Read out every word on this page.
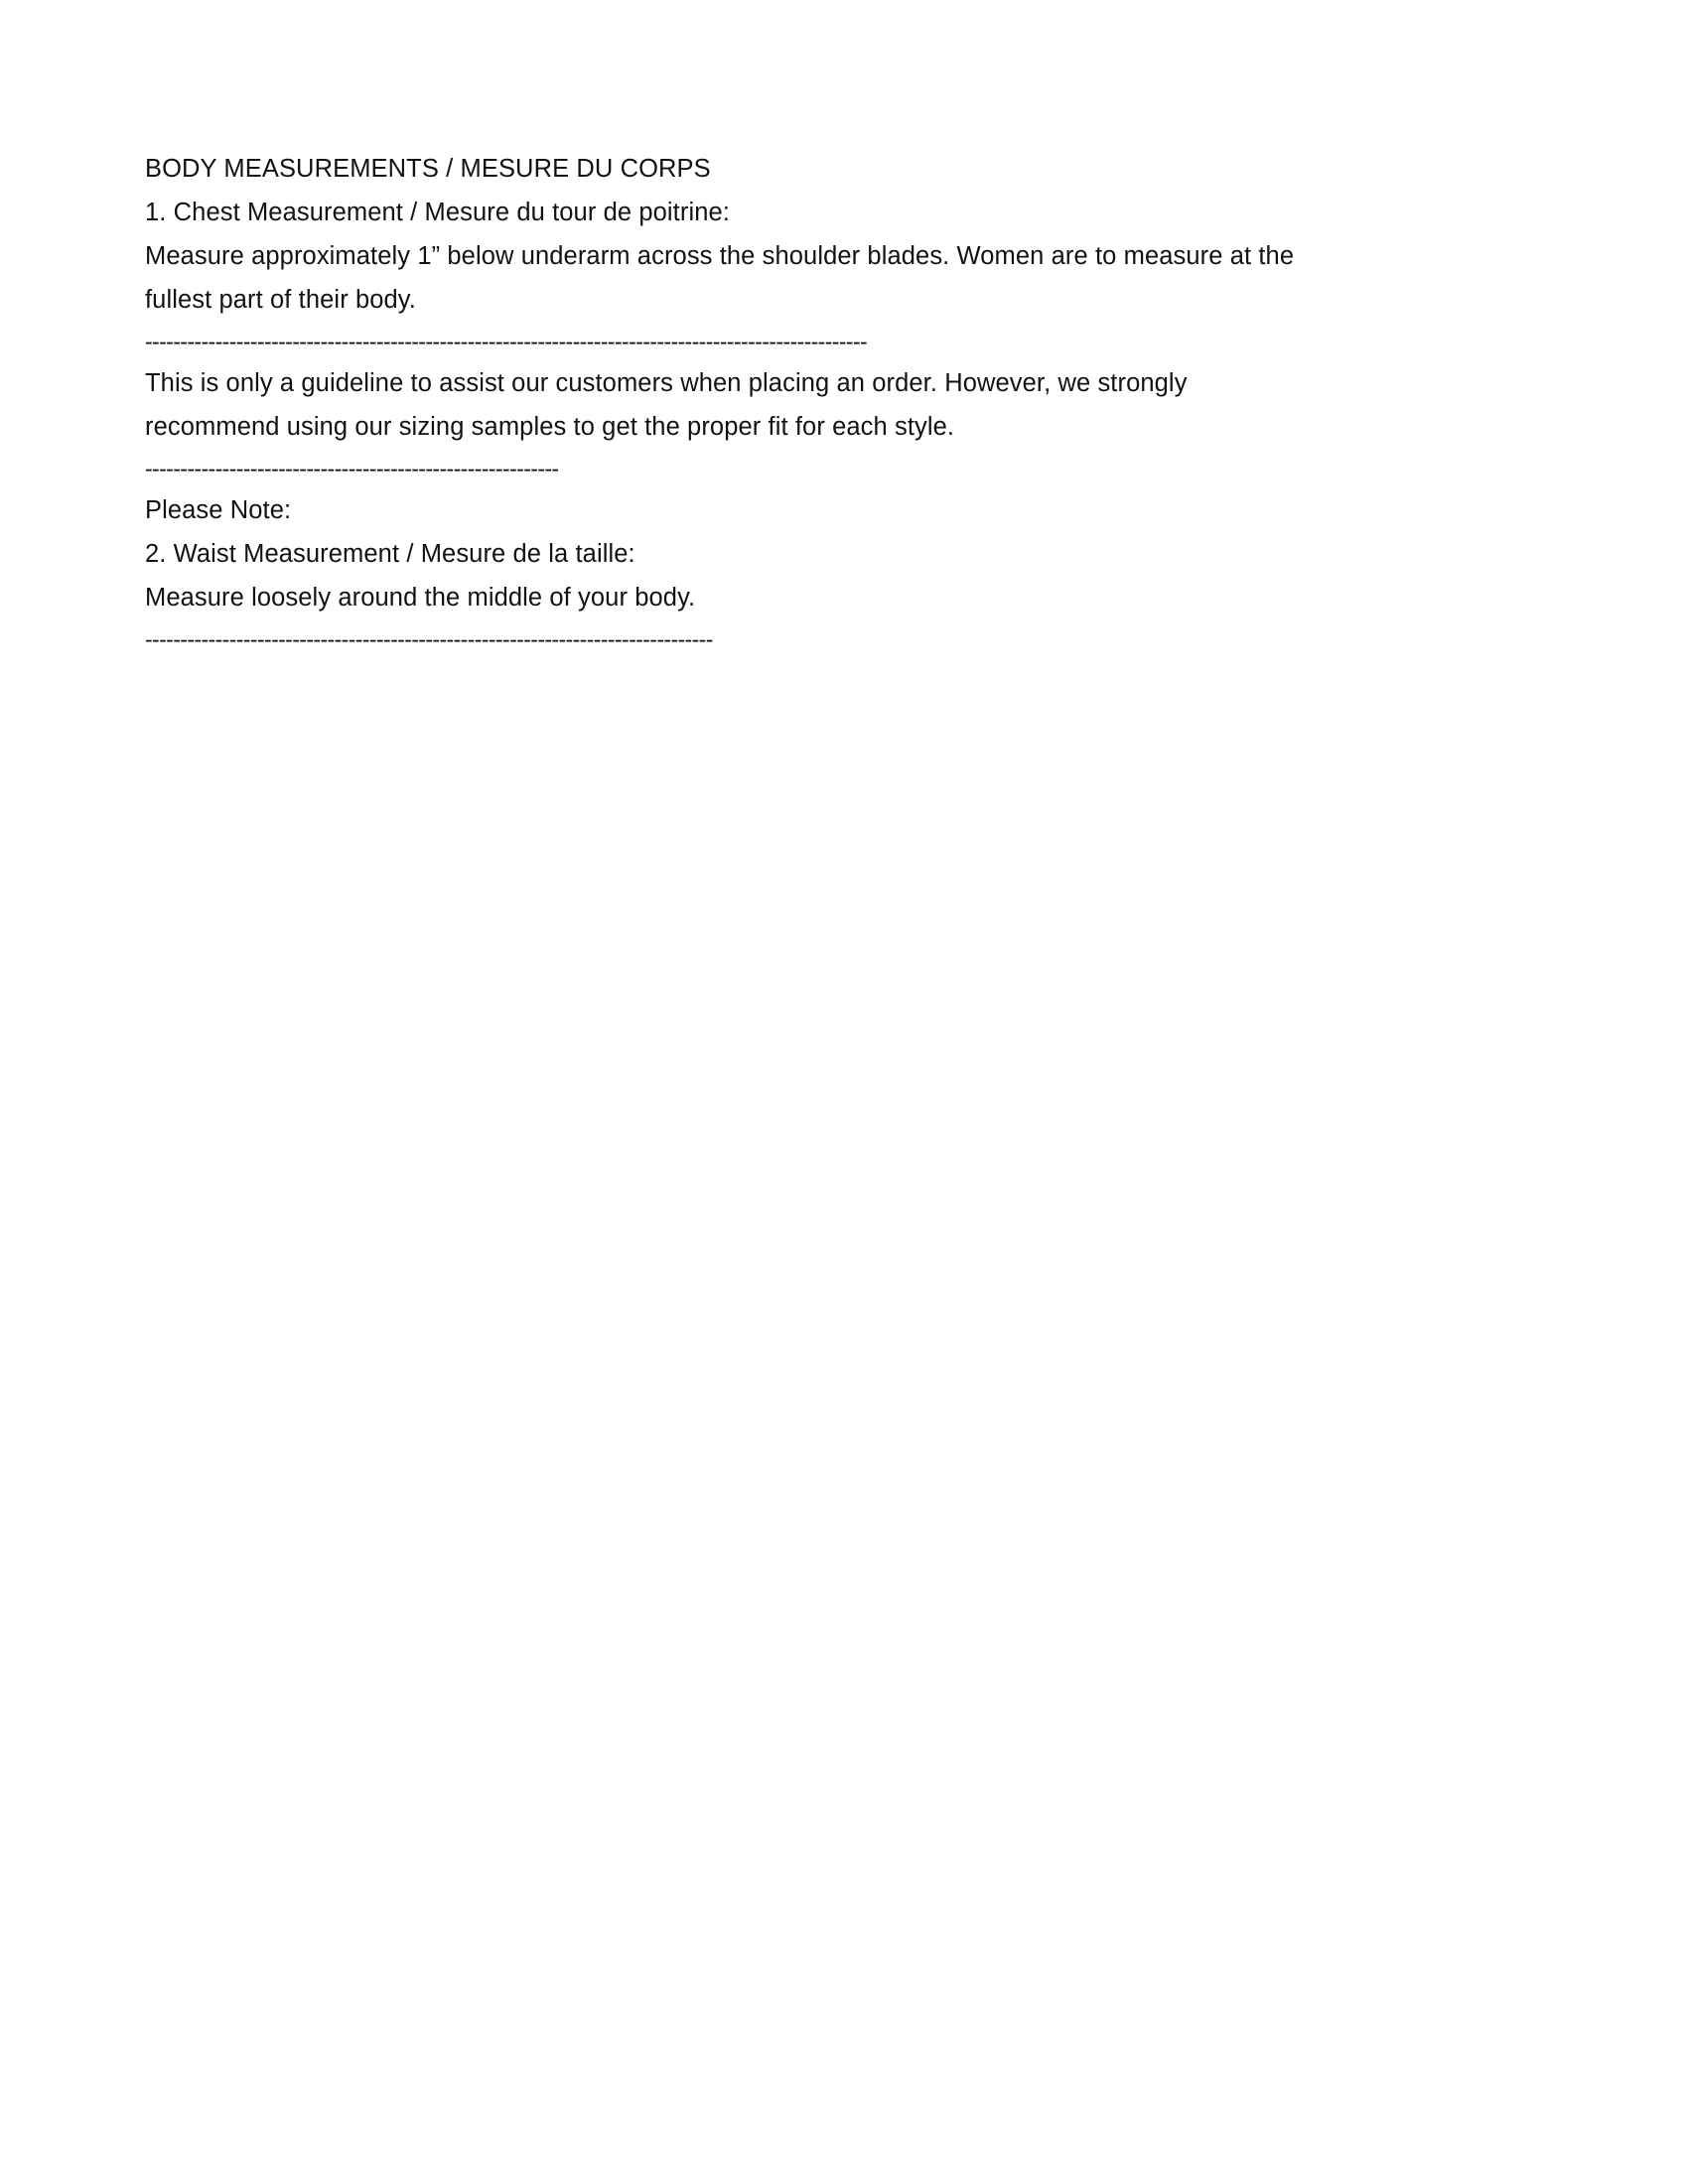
BODY MEASUREMENTS / MESURE DU CORPS
1. Chest Measurement / Mesure du tour de poitrine:
Measure approximately 1” below underarm across the shoulder blades. Women are to measure at the fullest part of their body.
-------------------------------------------------------------------------------------------------------
This is only a guideline to assist our customers when placing an order. However, we strongly recommend using our sizing samples to get the proper fit for each style.
-----------------------------------------------------------
Please Note:
2. Waist Measurement / Mesure de la taille:
Measure loosely around the middle of your body.
---------------------------------------------------------------------------------
